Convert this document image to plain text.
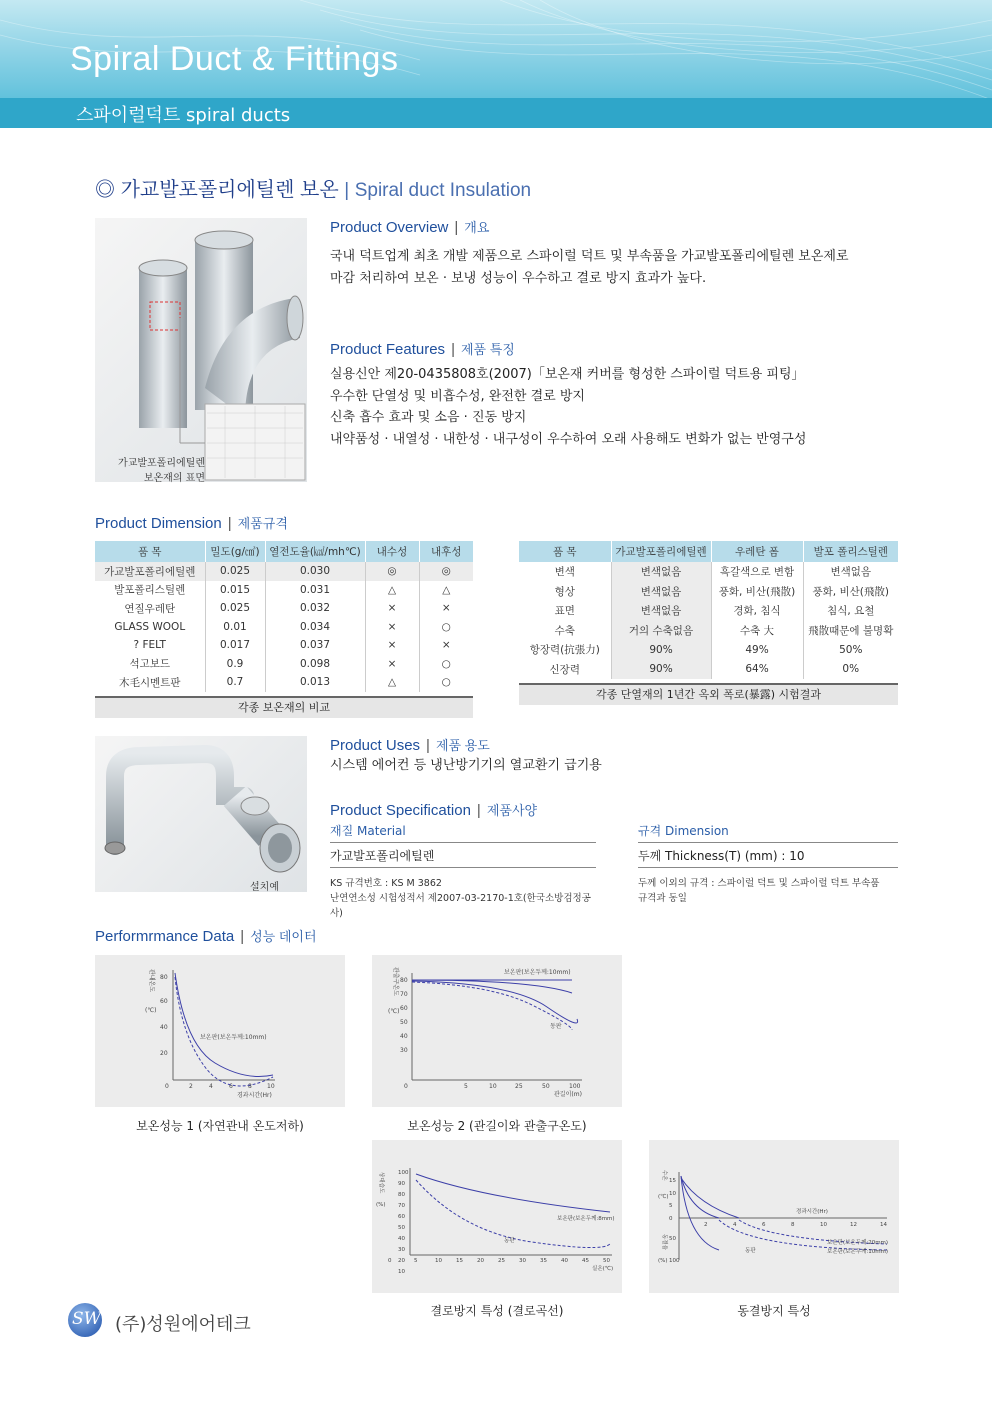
Spiral Duct & Fittings
스파이럴덕트 spiral ducts
◎ 가교발포폴리에틸렌 보온 | Spiral duct Insulation
가교발포폴리에틸렌
보온재의 표면
Product Overview | 개요
국내 덕트업계 최초 개발 제품으로 스파이럴 덕트 및 부속품을 가교발포폴리에틸렌 보온제로
마감 처리하여 보온 · 보냉 성능이 우수하고 결로 방지 효과가 높다.
Product Features | 제품 특징
실용신안 제20-0435808호(2007)「보온재 커버를 형성한 스파이럴 덕트용 피팅」
우수한 단열성 및 비흡수성, 완전한 결로 방지
신축 흡수 효과 및 소음 · 진동 방지
내약품성 · 내열성 · 내한성 · 내구성이 우수하여 오래 사용해도 변화가 없는 반영구성
Product Dimension | 제품규격
품 목	밀도(g/㎤)	열전도율(㎉/mh℃)	내수성	내후성
가교발포폴리에틸렌	0.025	0.030	◎	◎
발포폴리스틸렌	0.015	0.031	△	△
연질우레탄	0.025	0.032	×	×
GLASS WOOL	0.01	0.034	×	○
? FELT	0.017	0.037	×	×
석고보드	0.9	0.098	×	○
木毛시멘트판	0.7	0.013	△	○
각종 보온재의 비교
품 목	가교발포폴리에틸렌	우레탄 폼	발포 폴리스틸렌
변색	변색없음	흑갈색으로 변함	변색없음
형상	변색없음	풍화, 비산(飛散)	풍화, 비산(飛散)
표면	변색없음	경화, 침식	침식, 요철
수축	거의 수축없음	수축 大	飛散때문에 불명확
항장력(抗張力)	90%	49%	50%
신장력	90%	64%	0%
각종 단열재의 1년간 옥외 폭로(暴露) 시험결과
설치예
Product Uses | 제품 용도
시스템 에어컨 등 냉난방기기의 열교환기 급기용
Product Specification | 제품사양
재질 Material
가교발포폴리에틸렌
KS 규격번호 : KS M 3862
난연연소성 시험성적서 제2007-03-2170-1호(한국소방검정공사)
규격 Dimension
두께 Thickness(T) (mm) : 10
두께 이외의 규격 : 스파이럴 덕트 및 스파이럴 덕트 부속품
규격과 동일
Performrmance Data | 성능 데이터
관내온도
(℃)
80
60
40
20
0	2	4	6	8	10
경과시간(Hr)
보온판(보온두께:10mm)
보온성능 1 (자연관내 온도저하)
관출구온도
(℃)
80
70
60
50
40
30
0	5	10	25	50	100
관길이(m)
보온판(보온두께:10mm)
동판
보온성능 2 (관길이와 관출구온도)
상대습도
(%)
100
90
80
70
60
50
40
30
20
10
0	5	10	15	20	25	30	35	40	45	50
실온(℃)
보온판(보온두께:8mm)
동판
결로방지 특성 (결로곡선)
수온
(℃)
15
10
5
0
동결율
(%)
50
100
2	4	6	8	10	12	14
경과시간(Hr)
보온판(보온두께:20mm)
보온판(보온두께:10mm)
동판
동결방지 특성
SW (주)성원에어테크
